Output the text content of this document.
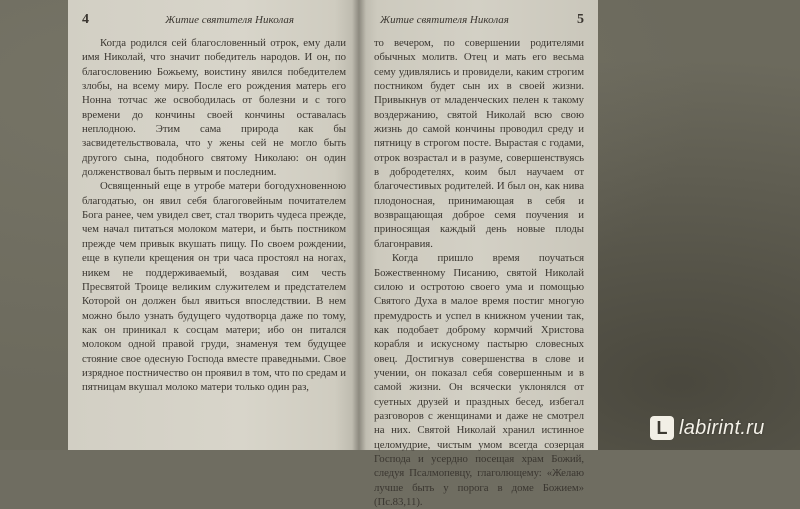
4	Житие святителя Николая

Когда родился сей благословенный отрок, ему дали имя Николай, что значит победитель народов. И он, по благословению Божьему, воистину явился победителем злобы, на всему миру. После его рождения матерь его Нонна тотчас же освободилась от болезни и с того времени до кончины своей кончины оставалась неплодною. Этим сама природа как бы засвидетельствовала, что у жены сей не могло быть другого сына, подобного святому Николаю: он один долженствовал быть первым и последним.

Освященный еще в утробе матери богодухновенною благодатью, он явил себя благоговейным почитателем Бога ранее, чем увидел свет, стал творить чудеса прежде, чем начал питаться молоком матери, и быть постником прежде чем привык вкушать пищу. По своем рождении, еще в купели крещения он три часа простоял на ногах, никем не поддерживаемый, воздавая сим честь Пресвятой Троице великим служителем и предстателем Которой он должен был явиться впоследствии. В нем можно было узнать будущего чудотворца даже по тому, как он приникал к сосцам матери; ибо он питался молоком одной правой груди, знаменуя тем будущее стояние свое одесную Господа вместе праведными. Свое изрядное постничество он проявил в том, что по средам и пятницам вкушал молоко матери только один раз,

Житие святителя Николая	5

то вечером, по совершении родителями обычных молитв. Отец и мать его весьма сему удивлялись и провидели, каким строгим постником будет сын их в своей жизни. Привыкнув от младенческих пелен к такому воздержанию, святой Николай всю свою жизнь до самой кончины проводил среду и пятницу в строгом посте. Вырастая с годами, отрок возрастал и в разуме, совершенствуясь в добродетелях, коим был научаем от благочестивых родителей. И был он, как нива плодоносная, принимающая в себя и возвращающая доброе семя поучения и приносящая каждый день новые плоды благонравия.

Когда пришло время поучаться Божественному Писанию, святой Николай силою и остротою своего ума и помощью Святого Духа в малое время постиг многую премудрость и успел в книжном учении так, как подобает доброму кормчий Христова корабля и искусному пастырю словесных овец. Достигнув совершенства в слове и учении, он показал себя совершенным и в самой жизни. Он всячески уклонялся от суетных друзей и праздных бесед, избегал разговоров с женщинами и даже не смотрел на них. Святой Николай хранил истинное целомудрие, чистым умом всегда созерцая Господа и усердно посещая храм Божий, следуя Псалмопевцу, глаголющему: «Желаю лучше быть у порога в доме Божием» (Пс.83,11).

L labirint.ru
